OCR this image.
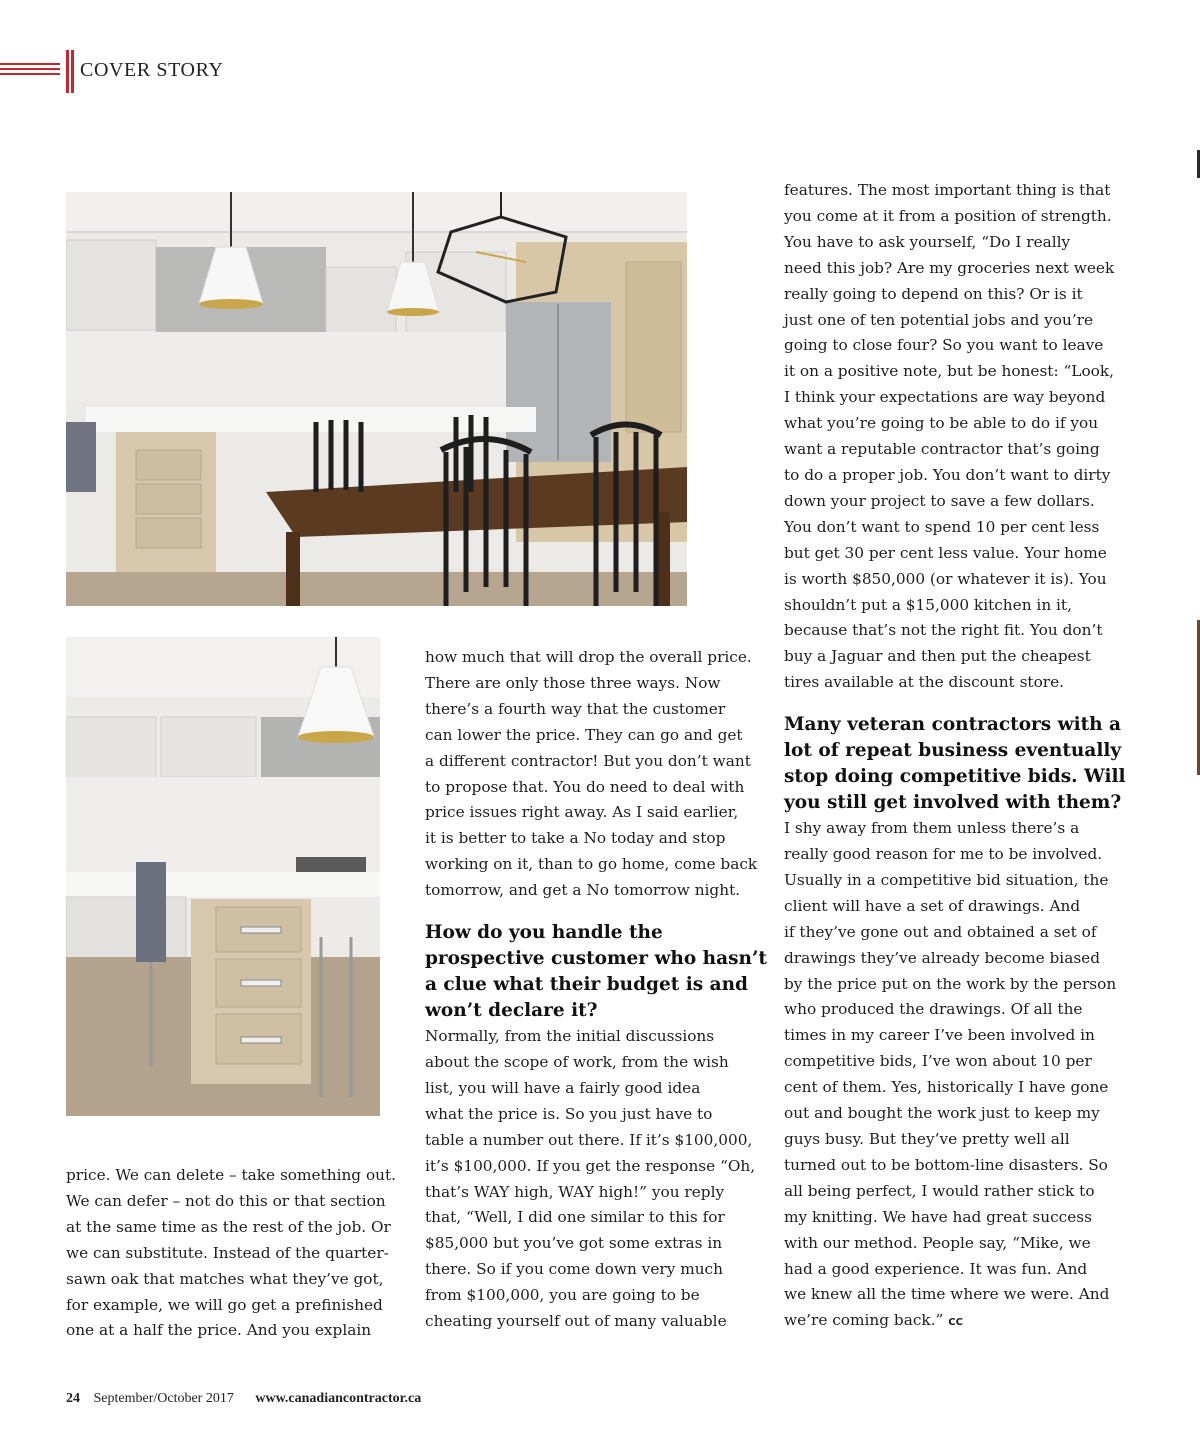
COVER STORY

price. We can delete – take something out.
We can defer – not do this or that section
at the same time as the rest of the job. Or
we can substitute. Instead of the quarter-
sawn oak that matches what they’ve got,
for example, we will go get a prefinished
one at a half the price. And you explain

how much that will drop the overall price.
There are only those three ways. Now
there’s a fourth way that the customer
can lower the price. They can go and get
a different contractor! But you don’t want
to propose that. You do need to deal with
price issues right away. As I said earlier,
it is better to take a No today and stop
working on it, than to go home, come back
tomorrow, and get a No tomorrow night.

How do you handle the
prospective customer who hasn’t
a clue what their budget is and
won’t declare it?

Normally, from the initial discussions
about the scope of work, from the wish
list, you will have a fairly good idea
what the price is. So you just have to
table a number out there. If it’s $100,000,
it’s $100,000. If you get the response “Oh,
that’s WAY high, WAY high!” you reply
that, “Well, I did one similar to this for
$85,000 but you’ve got some extras in
there. So if you come down very much
from $100,000, you are going to be
cheating yourself out of many valuable

features. The most important thing is that
you come at it from a position of strength.
You have to ask yourself, “Do I really
need this job? Are my groceries next week
really going to depend on this? Or is it
just one of ten potential jobs and you’re
going to close four? So you want to leave
it on a positive note, but be honest: “Look,
I think your expectations are way beyond
what you’re going to be able to do if you
want a reputable contractor that’s going
to do a proper job. You don’t want to dirty
down your project to save a few dollars.
You don’t want to spend 10 per cent less
but get 30 per cent less value. Your home
is worth $850,000 (or whatever it is). You
shouldn’t put a $15,000 kitchen in it,
because that’s not the right fit. You don’t
buy a Jaguar and then put the cheapest
tires available at the discount store.

Many veteran contractors with a
lot of repeat business eventually
stop doing competitive bids. Will
you still get involved with them?

I shy away from them unless there’s a
really good reason for me to be involved.
Usually in a competitive bid situation, the
client will have a set of drawings. And
if they’ve gone out and obtained a set of
drawings they’ve already become biased
by the price put on the work by the person
who produced the drawings. Of all the
times in my career I’ve been involved in
competitive bids, I’ve won about 10 per
cent of them. Yes, historically I have gone
out and bought the work just to keep my
guys busy. But they’ve pretty well all
turned out to be bottom-line disasters. So
all being perfect, I would rather stick to
my knitting. We have had great success
with our method. People say, “Mike, we
had a good experience. It was fun. And
we knew all the time where we were. And
we’re coming back.” CC

24 September/October 2017 www.canadiancontractor.ca
